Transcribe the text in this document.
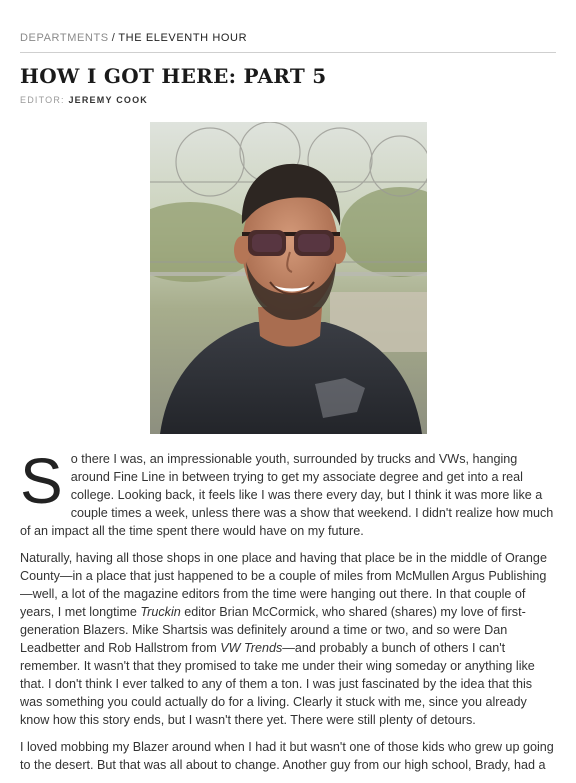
DEPARTMENTS / THE ELEVENTH HOUR
HOW I GOT HERE: PART 5
EDITOR: JEREMY COOK

So there I was, an impressionable youth, surrounded by trucks and VWs, hanging around Fine Line in between trying to get my associate degree and get into a real college. Looking back, it feels like I was there every day, but I think it was more like a couple times a week, unless there was a show that weekend. I didn't realize how much of an impact all the time spent there would have on my future.

Naturally, having all those shops in one place and having that place be in the middle of Orange County—in a place that just happened to be a couple of miles from McMullen Argus Publishing—well, a lot of the magazine editors from the time were hanging out there. In that couple of years, I met longtime Truckin editor Brian McCormick, who shared (shares) my love of first-generation Blazers. Mike Shartsis was definitely around a time or two, and so were Dan Leadbetter and Rob Hallstrom from VW Trends—and probably a bunch of others I can't remember. It wasn't that they promised to take me under their wing someday or anything like that. I don't think I ever talked to any of them a ton. I was just fascinated by the idea that this was something you could actually do for a living. Clearly it stuck with me, since you already know how this story ends, but I wasn't there yet. There were still plenty of detours.

I loved mobbing my Blazer around when I had it but wasn't one of those kids who grew up going to the desert. But that was all about to change. Another guy from our high school, Brady, had a
